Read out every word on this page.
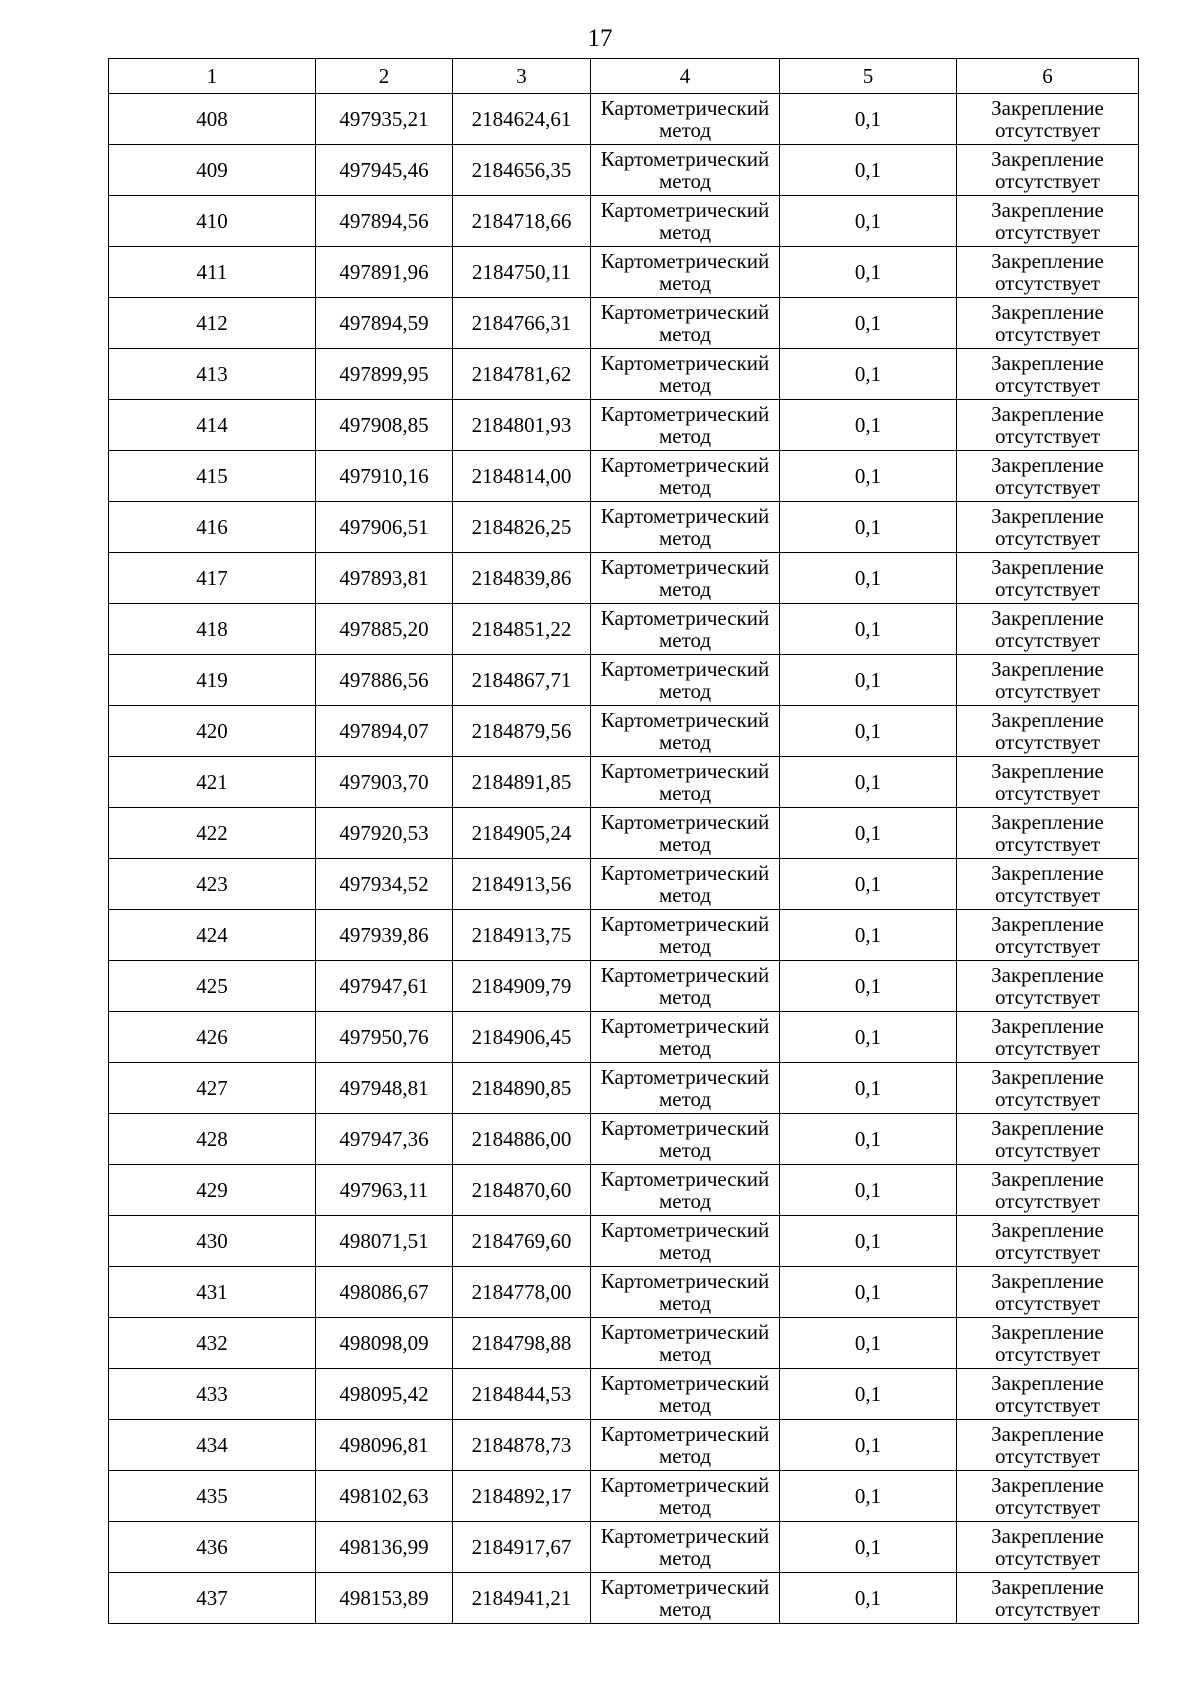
17
1	2	3	4	5	6
408	497935,21	2184624,61	Картометрический метод	0,1	Закрепление отсутствует
409	497945,46	2184656,35	Картометрический метод	0,1	Закрепление отсутствует
410	497894,56	2184718,66	Картометрический метод	0,1	Закрепление отсутствует
411	497891,96	2184750,11	Картометрический метод	0,1	Закрепление отсутствует
412	497894,59	2184766,31	Картометрический метод	0,1	Закрепление отсутствует
413	497899,95	2184781,62	Картометрический метод	0,1	Закрепление отсутствует
414	497908,85	2184801,93	Картометрический метод	0,1	Закрепление отсутствует
415	497910,16	2184814,00	Картометрический метод	0,1	Закрепление отсутствует
416	497906,51	2184826,25	Картометрический метод	0,1	Закрепление отсутствует
417	497893,81	2184839,86	Картометрический метод	0,1	Закрепление отсутствует
418	497885,20	2184851,22	Картометрический метод	0,1	Закрепление отсутствует
419	497886,56	2184867,71	Картометрический метод	0,1	Закрепление отсутствует
420	497894,07	2184879,56	Картометрический метод	0,1	Закрепление отсутствует
421	497903,70	2184891,85	Картометрический метод	0,1	Закрепление отсутствует
422	497920,53	2184905,24	Картометрический метод	0,1	Закрепление отсутствует
423	497934,52	2184913,56	Картометрический метод	0,1	Закрепление отсутствует
424	497939,86	2184913,75	Картометрический метод	0,1	Закрепление отсутствует
425	497947,61	2184909,79	Картометрический метод	0,1	Закрепление отсутствует
426	497950,76	2184906,45	Картометрический метод	0,1	Закрепление отсутствует
427	497948,81	2184890,85	Картометрический метод	0,1	Закрепление отсутствует
428	497947,36	2184886,00	Картометрический метод	0,1	Закрепление отсутствует
429	497963,11	2184870,60	Картометрический метод	0,1	Закрепление отсутствует
430	498071,51	2184769,60	Картометрический метод	0,1	Закрепление отсутствует
431	498086,67	2184778,00	Картометрический метод	0,1	Закрепление отсутствует
432	498098,09	2184798,88	Картометрический метод	0,1	Закрепление отсутствует
433	498095,42	2184844,53	Картометрический метод	0,1	Закрепление отсутствует
434	498096,81	2184878,73	Картометрический метод	0,1	Закрепление отсутствует
435	498102,63	2184892,17	Картометрический метод	0,1	Закрепление отсутствует
436	498136,99	2184917,67	Картометрический метод	0,1	Закрепление отсутствует
437	498153,89	2184941,21	Картометрический метод	0,1	Закрепление отсутствует
